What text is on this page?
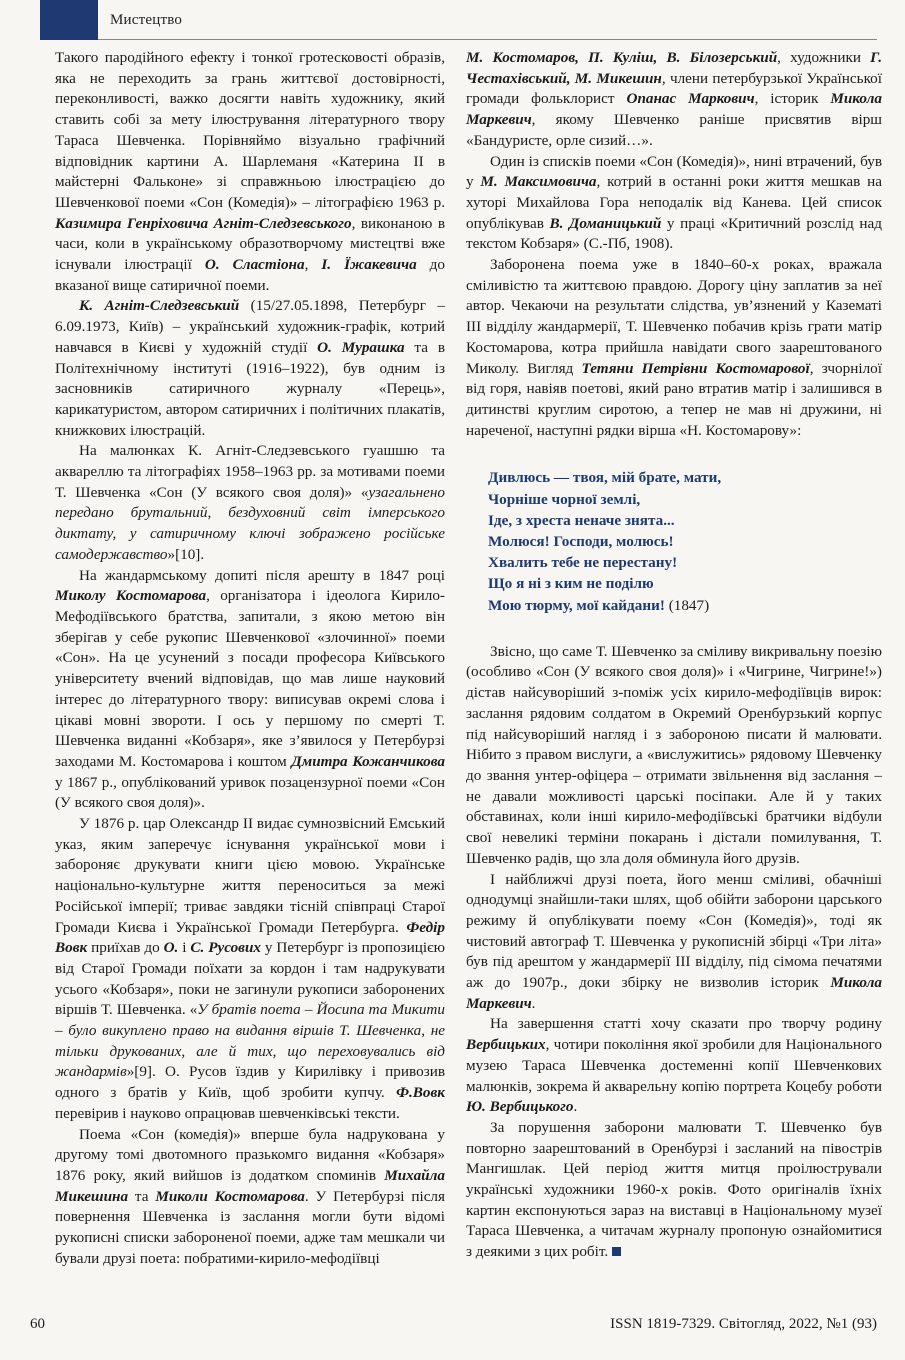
Мистецтво

Такого пародійного ефекту і тонкої гротесковості образів, яка не переходить за грань життєвої достовірності, переконливості, важко досягти навіть художнику, який ставить собі за мету ілюстрування літературного твору Тараса Шевченка. Порівняймо візуально графічний відповідник картини А. Шарлеманя «Катерина ІІ в майстерні Фальконе» зі справжньою ілюстрацією до Шевченкової поеми «Сон (Комедія)» – літографією 1963 р. Казимира Генріховича Агніт-Следзевського, виконаною в часи, коли в українському образотворчому мистецтві вже існували ілюстрації О. Сластіона, І. Їжакевича до вказаної вище сатиричної поеми.

К. Агніт-Следзевський (15/27.05.1898, Петербург – 6.09.1973, Київ) – український художник-графік, котрий навчався в Києві у художній студії О. Мурашка та в Політехнічному інституті (1916–1922), був одним із засновників сатиричного журналу «Перець», карикатуристом, автором сатиричних і політичних плакатів, книжкових ілюстрацій.

На малюнках К. Агніт-Следзевського гуашшю та аквареллю та літографіях 1958–1963 рр. за мотивами поеми Т. Шевченка «Сон (У всякого своя доля)» «узагальнено передано брутальний, бездуховний світ імперського диктату, у сатиричному ключі зображено російське самодержавство»[10].

На жандармському допиті після арешту в 1847 році Миколу Костомарова, організатора і ідеолога Кирило-Мефодіївського братства, запитали, з якою метою він зберігав у себе рукопис Шевченкової «злочинної» поеми «Сон». На це усунений з посади професора Київського університету вчений відповідав, що мав лише науковий інтерес до літературного твору: виписував окремі слова і цікаві мовні звороти. І ось у першому по смерті Т. Шевченка виданні «Кобзаря», яке з’явилося у Петербурзі заходами М. Костомарова і коштом Дмитра Кожанчикова у 1867 р., опублікований уривок позацензурної поеми «Сон (У всякого своя доля)».

У 1876 р. цар Олександр ІІ видає сумнозвісний Емський указ, яким заперечує існування української мови і забороняє друкувати книги цією мовою. Українське національно-культурне життя переноситься за межі Російської імперії; триває завдяки тісній співпраці Старої Громади Києва і Української Громади Петербурга. Федір Вовк приїхав до О. і С. Русових у Петербург із пропозицією від Старої Громади поїхати за кордон і там надрукувати усього «Кобзаря», поки не загинули рукописи заборонених віршів Т. Шевченка. «У братів поета – Йосипа та Микити – було викуплено право на видання віршів Т. Шевченка, не тільки друкованих, але й тих, що переховувались від жандармів»[9]. О. Русов їздив у Кирилівку і привозив одного з братів у Київ, щоб зробити купчу. Ф.Вовк перевірив і науково опрацював шевченківські тексти.

Поема «Сон (комедія)» вперше була надрукована у другому томі двотомного празькомго видання «Кобзаря» 1876 року, який вийшов із додатком споминів Михайла Микешина та Миколи Костомарова. У Петербурзі після повернення Шевченка із заслання могли бути відомі рукописні списки забороненої поеми, адже там мешкали чи бували друзі поета: побратими-кирило-мефодіївці

М. Костомаров, П. Куліш, В. Білозерський, художники Г. Честахівський, М. Микешин, члени петербурзької Української громади фольклорист Опанас Маркович, історик Микола Маркевич, якому Шевченко раніше присвятив вірш «Бандуристе, орле сизий…».

Один із списків поеми «Сон (Комедія)», нині втрачений, був у М. Максимовича, котрий в останні роки життя мешкав на хуторі Михайлова Гора неподалік від Канева. Цей список опублікував В. Доманицький у праці «Критичний розслід над текстом Кобзаря» (С.-Пб, 1908).

Заборонена поема уже в 1840–60-х роках, вражала сміливістю та життєвою правдою. Дорогу ціну заплатив за неї автор. Чекаючи на результати слідства, ув’язнений у Казематі ІІІ відділу жандармерії, Т. Шевченко побачив крізь грати матір Костомарова, котра прийшла навідати свого заарештованого Миколу. Вигляд Тетяни Петрівни Костомарової, зчорнілої від горя, навіяв поетові, який рано втратив матір і залишився в дитинстві круглим сиротою, а тепер не мав ні дружини, ні нареченої, наступні рядки вірша «Н. Костомарову»:

Дивлюсь — твоя, мій брате, мати,
Чорніше чорної землі,
Іде, з хреста неначе знята...
Молюся! Господи, молюсь!
Хвалить тебе не перестану!
Що я ні з ким не поділю
Мою тюрму, мої кайдани! (1847)

Звісно, що саме Т. Шевченко за сміливу викривальну поезію (особливо «Сон (У всякого своя доля)» і «Чигрине, Чигрине!») дістав найсуворіший з-поміж усіх кирило-мефодіївців вирок: заслання рядовим солдатом в Окремий Оренбурзький корпус під найсуворіший нагляд і з забороною писати й малювати. Нібито з правом вислуги, а «вислужитись» рядовому Шевченку до звання унтер-офіцера – отримати звільнення від заслання – не давали можливості царські посіпаки. Але й у таких обставинах, коли інші кирило-мефодіївські братчики відбули свої невеликі терміни покарань і дістали помилування, Т. Шевченко радів, що зла доля обминула його друзів.

І найближчі друзі поета, його менш сміливі, обачніші однодумці знайшли-таки шлях, щоб обійти заборони царського режиму й опублікувати поему «Сон (Комедія)», тоді як чистовий автограф Т. Шевченка у рукописній збірці «Три літа» був під арештом у жандармерії ІІІ відділу, під сімома печатями аж до 1907р., доки збірку не визволив історик Микола Маркевич.

На завершення статті хочу сказати про творчу родину Вербицьких, чотири покоління якої зробили для Національного музею Тараса Шевченка достеменні копії Шевченкових малюнків, зокрема й акварельну копію портрета Коцебу роботи Ю. Вербицького.

За порушення заборони малювати Т. Шевченко був повторно заарештований в Оренбурзі і засланий на півострів Мангишлак. Цей період життя митця проілюстрували українські художники 1960-х років. Фото оригіналів їхніх картин експонуються зараз на виставці в Національному музеї Тараса Шевченка, а читачам журналу пропоную ознайомитися з деякими з цих робіт.

60	ISSN 1819-7329. Світогляд, 2022, №1 (93)
